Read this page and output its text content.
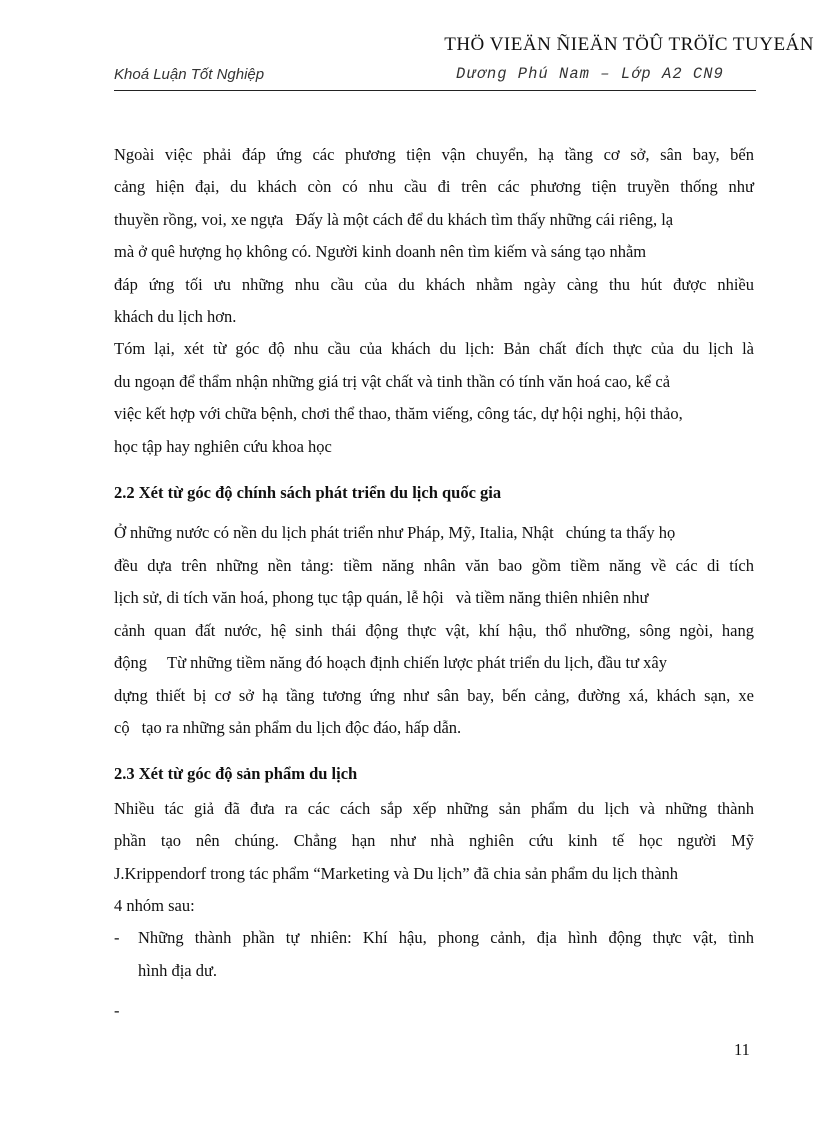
THÖ VIEÄN ÑIEÄN TÖÛ TRÖÏC TUYEÁN
Khoá Luận Tốt Nghiệp	Dương Phú Nam – Lớp A2 CN9

Ngoài việc phải đáp ứng các phương tiện vận chuyển, hạ tầng cơ sở, sân bay, bến
cảng hiện đại, du khách còn có nhu cầu đi trên các phương tiện truyền thống như
thuyền rồng, voi, xe ngựa Đấy là một cách để du khách tìm thấy những cái riêng, lạ
mà ở quê hượng họ không có. Người kinh doanh nên tìm kiếm và sáng tạo nhằm
đáp ứng tối ưu những nhu cầu của du khách nhằm ngày càng thu hút được nhiều
khách du lịch hơn.

Tóm lại, xét từ góc độ nhu cầu của khách du lịch: Bản chất đích thực của du lịch là
du ngoạn để thẩm nhận những giá trị vật chất và tinh thần có tính văn hoá cao, kể cả
việc kết hợp với chữa bệnh, chơi thể thao, thăm viếng, công tác, dự hội nghị, hội thảo,
học tập hay nghiên cứu khoa học

2.2 Xét từ góc độ chính sách phát triển du lịch quốc gia

Ở những nước có nền du lịch phát triển như Pháp, Mỹ, Italia, Nhật chúng ta thấy họ
đều dựa trên những nền tảng: tiềm năng nhân văn bao gồm tiềm năng về các di tích
lịch sử, di tích văn hoá, phong tục tập quán, lễ hội và tiềm năng thiên nhiên như
cảnh quan đất nước, hệ sinh thái động thực vật, khí hậu, thổ nhưỡng, sông ngòi, hang
động Từ những tiềm năng đó hoạch định chiến lược phát triển du lịch, đầu tư xây
dựng thiết bị cơ sở hạ tầng tương ứng như sân bay, bến cảng, đường xá, khách sạn, xe
cộ tạo ra những sản phẩm du lịch độc đáo, hấp dẫn.

2.3 Xét từ góc độ sản phẩm du lịch

Nhiều tác giả đã đưa ra các cách sắp xếp những sản phẩm du lịch và những thành
phần tạo nên chúng. Chẳng hạn như nhà nghiên cứu kinh tế học người Mỹ
J.Krippendorf trong tác phẩm “Marketing và Du lịch” đã chia sản phẩm du lịch thành
4 nhóm sau:

- Những thành phần tự nhiên: Khí hậu, phong cảnh, địa hình động thực vật, tình
hình địa dư.
-

11
